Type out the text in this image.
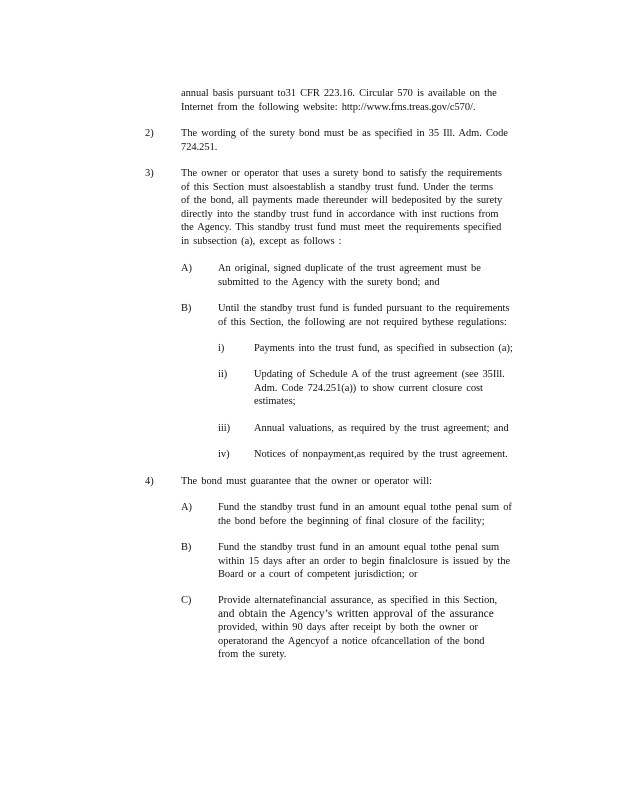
annual basis pursuant to31 CFR 223.16. Circular 570 is available on the
Internet from the following website: http://www.fms.treas.gov/c570/.
2)	The wording of the surety bond must be as specified in 35 Ill. Adm. Code
724.251.
3)	The owner or operator that uses a surety bond to satisfy the requirements
of this Section must alsoestablish a standby trust fund. Under the terms
of the bond, all payments made thereunder will bedeposited by the surety
directly into the standby trust fund in accordance with inst ructions from
the Agency. This standby trust fund must meet the requirements specified
in subsection (a), except as follows :
A)	An original, signed duplicate of the trust agreement must be
submitted to the Agency with the surety bond; and
B)	Until the standby trust fund is funded pursuant to the requirements
of this Section, the following are not required bythese regulations:
i)	Payments into the trust fund, as specified in subsection (a);
ii)	Updating of Schedule A of the trust agreement (see 35Ill.
Adm. Code 724.251(a)) to show current closure cost
estimates;
iii) Annual valuations, as required by the trust agreement; and
iv) Notices of nonpayment,as required by the trust agreement.
4)	The bond must guarantee that the owner or operator will:
A)	Fund the standby trust fund in an amount equal tothe penal sum of
the bond before the beginning of final closure of the facility;
B)	Fund the standby trust fund in an amount equal tothe penal sum
within 15 days after an order to begin finalclosure is issued by the
Board or a court of competent jurisdiction; or
C)	Provide alternatefinancial assurance, as specified in this Section,
and obtain the Agency’s written approval of the assurance
provided, within 90 days after receipt by both the owner or
operatorand the Agencyof a notice ofcancellation of the bond
from the surety.
